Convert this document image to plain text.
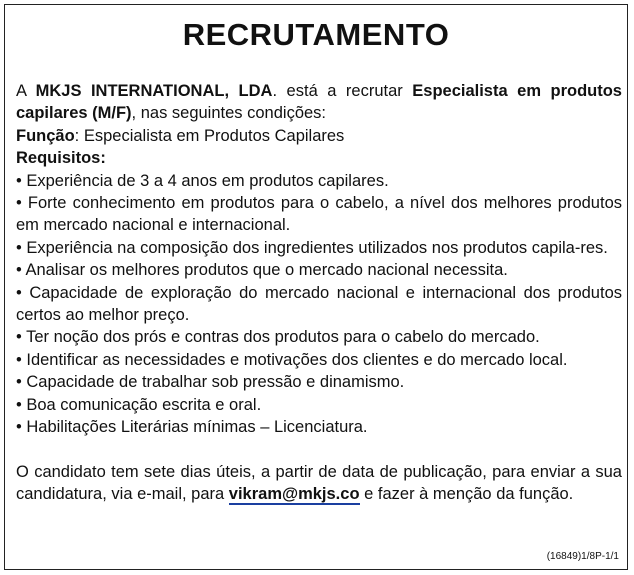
RECRUTAMENTO

A MKJS INTERNATIONAL, LDA. está a recrutar Especialista em produtos capilares (M/F), nas seguintes condições:

Função: Especialista em Produtos Capilares

Requisitos:

• Experiência de 3 a 4 anos em produtos capilares.
• Forte conhecimento em produtos para o cabelo, a nível dos melhores produtos em mercado nacional e internacional.
• Experiência na composição dos ingredientes utilizados nos produtos capila-res.
• Analisar os melhores produtos que o mercado nacional necessita.
• Capacidade de exploração do mercado nacional e internacional dos produtos certos ao melhor preço.
• Ter noção dos prós e contras dos produtos para o cabelo do mercado.
• Identificar as necessidades e motivações dos clientes e do mercado local.
• Capacidade de trabalhar sob pressão e dinamismo.
• Boa comunicação escrita e oral.
• Habilitações Literárias mínimas – Licenciatura.

O candidato tem sete dias úteis, a partir de data de publicação, para enviar a sua candidatura, via e-mail, para vikram@mkjs.co e fazer à menção da função.

(16849)1/8P-1/1
